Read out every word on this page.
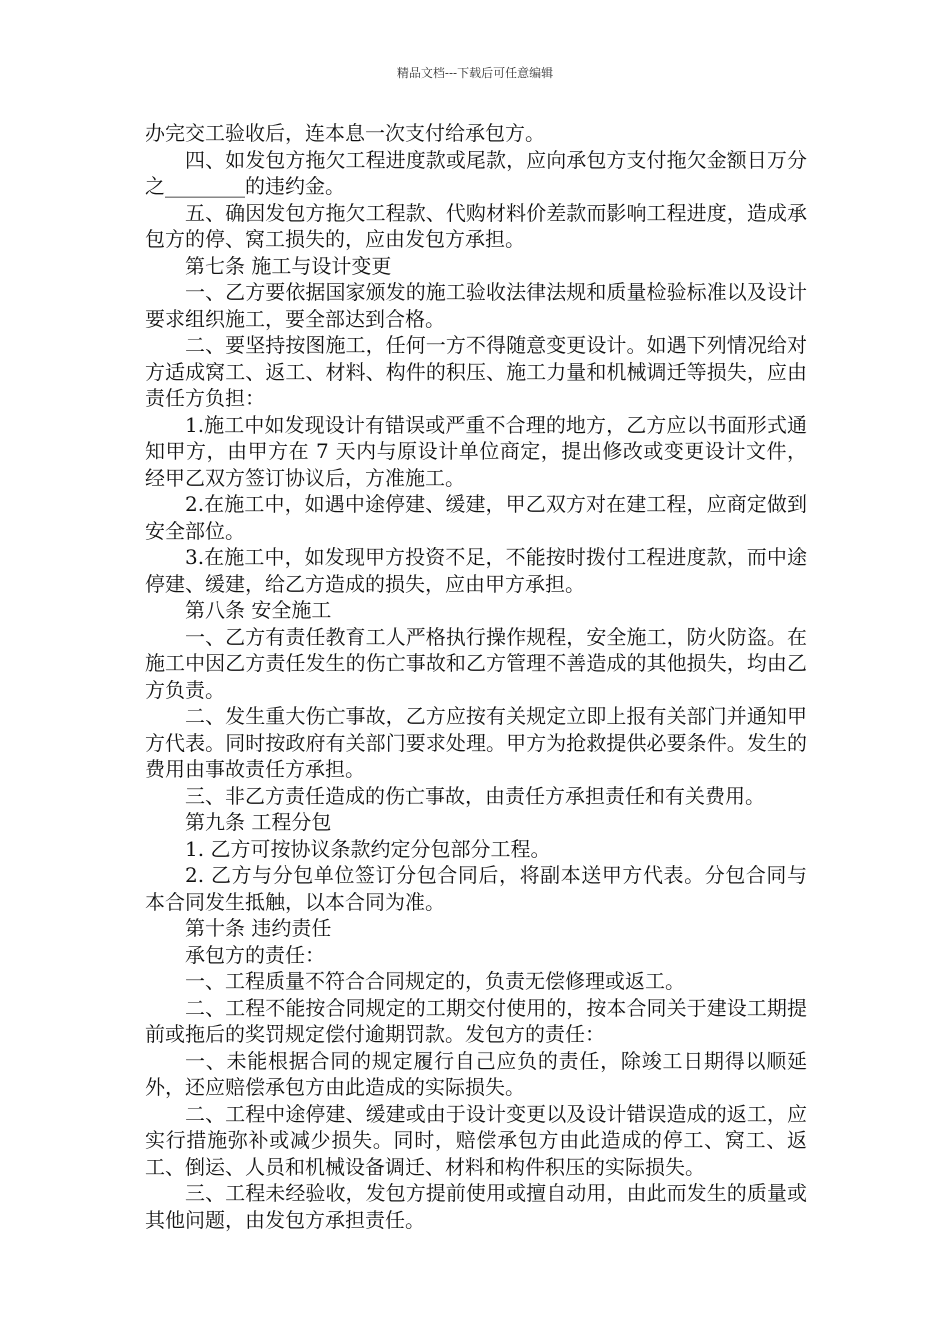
精品文档---下载后可任意编辑

办完交工验收后，连本息一次支付给承包方。

四、如发包方拖欠工程进度款或尾款，应向承包方支付拖欠金额日万分之________的违约金。

五、确因发包方拖欠工程款、代购材料价差款而影响工程进度，造成承包方的停、窝工损失的，应由发包方承担。

第七条 施工与设计变更

一、乙方要依据国家颁发的施工验收法律法规和质量检验标准以及设计要求组织施工，要全部达到合格。

二、要坚持按图施工，任何一方不得随意变更设计。如遇下列情况给对方适成窝工、返工、材料、构件的积压、施工力量和机械调迁等损失，应由责任方负担：

1.施工中如发现设计有错误或严重不合理的地方，乙方应以书面形式通知甲方，由甲方在 7 天内与原设计单位商定，提出修改或变更设计文件，经甲乙双方签订协议后，方准施工。

2.在施工中，如遇中途停建、缓建，甲乙双方对在建工程，应商定做到安全部位。

3.在施工中，如发现甲方投资不足，不能按时拨付工程进度款，而中途停建、缓建，给乙方造成的损失，应由甲方承担。

第八条 安全施工

一、乙方有责任教育工人严格执行操作规程，安全施工，防火防盗。在施工中因乙方责任发生的伤亡事故和乙方管理不善造成的其他损失，均由乙方负责。

二、发生重大伤亡事故，乙方应按有关规定立即上报有关部门并通知甲方代表。同时按政府有关部门要求处理。甲方为抢救提供必要条件。发生的费用由事故责任方承担。

三、非乙方责任造成的伤亡事故，由责任方承担责任和有关费用。

第九条 工程分包

1. 乙方可按协议条款约定分包部分工程。

2. 乙方与分包单位签订分包合同后，将副本送甲方代表。分包合同与本合同发生抵触，以本合同为准。

第十条 违约责任

承包方的责任：

一、工程质量不符合合同规定的，负责无偿修理或返工。

二、工程不能按合同规定的工期交付使用的，按本合同关于建设工期提前或拖后的奖罚规定偿付逾期罚款。发包方的责任：

一、未能根据合同的规定履行自己应负的责任，除竣工日期得以顺延外，还应赔偿承包方由此造成的实际损失。

二、工程中途停建、缓建或由于设计变更以及设计错误造成的返工，应实行措施弥补或减少损失。同时，赔偿承包方由此造成的停工、窝工、返工、倒运、人员和机械设备调迁、材料和构件积压的实际损失。

三、工程未经验收，发包方提前使用或擅自动用，由此而发生的质量或其他问题，由发包方承担责任。
